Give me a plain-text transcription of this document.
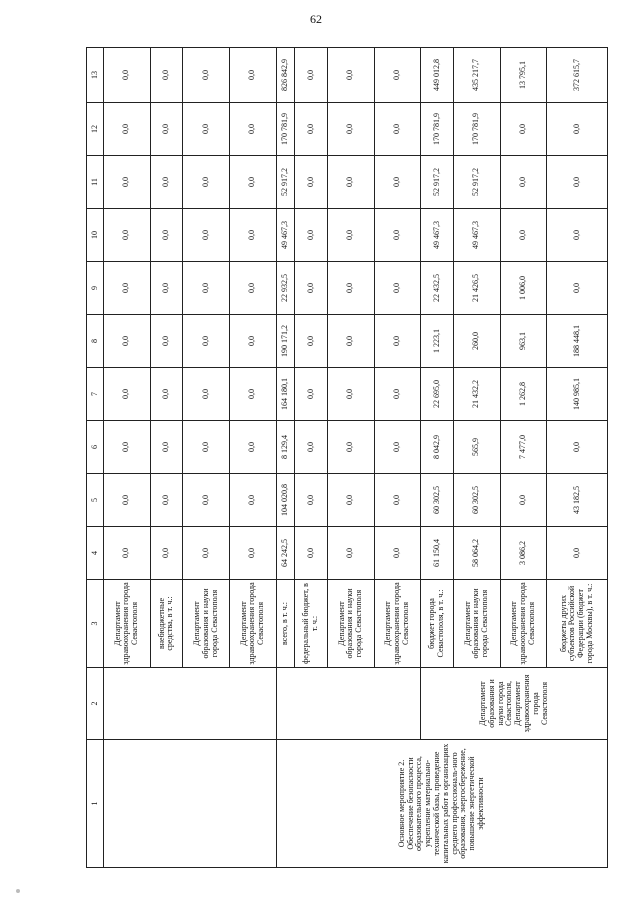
62
1	2	3	4	5	6	7	8	9	10	11	12	13
		Департамент здравоохранения города Севастополя	0,0	0,0	0,0	0,0	0,0	0,0	0,0	0,0	0,0	0,0
		внебюджетные средства, в т. ч.:	0,0	0,0	0,0	0,0	0,0	0,0	0,0	0,0	0,0	0,0
		Департамент образования и науки города Севастополя	0,0	0,0	0,0	0,0	0,0	0,0	0,0	0,0	0,0	0,0
		Департамент здравоохранения города Севастополя	0,0	0,0	0,0	0,0	0,0	0,0	0,0	0,0	0,0	0,0
Основное мероприятие 2. Обеспечение безопасности образовательного процесса, укрепление материально-технической базы, проведение капитальных работ в организациях среднего профессиональ-ного образования, энергосбережение, повышение энергетической эффективности		всего, в т. ч.:	64 242,5	104 020,8	8 129,4	164 180,1	190 171,2	22 932,5	49 467,3	52 917,2	170 781,9	826 842,9
		федеральный бюджет, в т. ч.:	0,0	0,0	0,0	0,0	0,0	0,0	0,0	0,0	0,0	0,0
		Департамент образования и науки города Севастополя	0,0	0,0	0,0	0,0	0,0	0,0	0,0	0,0	0,0	0,0
		Департамент здравоохранения города Севастополя	0,0	0,0	0,0	0,0	0,0	0,0	0,0	0,0	0,0	0,0
	Департамент образования и науки города Севастополя, Департамент здравоохранения города Севастополя	бюджет города Севастополя, в т. ч.:	61 150,4	60 302,5	8 042,9	22 695,0	1 223,1	22 432,5	49 467,3	52 917,2	170 781,9	449 012,8
		Департамент образования и науки города Севастополя	58 064,2	60 302,5	565,9	21 432,2	260,0	21 426,5	49 467,3	52 917,2	170 781,9	435 217,7
		Департамент здравоохранения города Севастополя	3 086,2	0,0	7 477,0	1 262,8	963,1	1 006,0	0,0	0,0	0,0	13 795,1
		бюджеты других субъектов Российской Федерации (бюджет города Москвы), в т. ч.:	0,0	43 182,5	0,0	140 985,1	188 448,1	0,0	0,0	0,0	0,0	372 615,7
